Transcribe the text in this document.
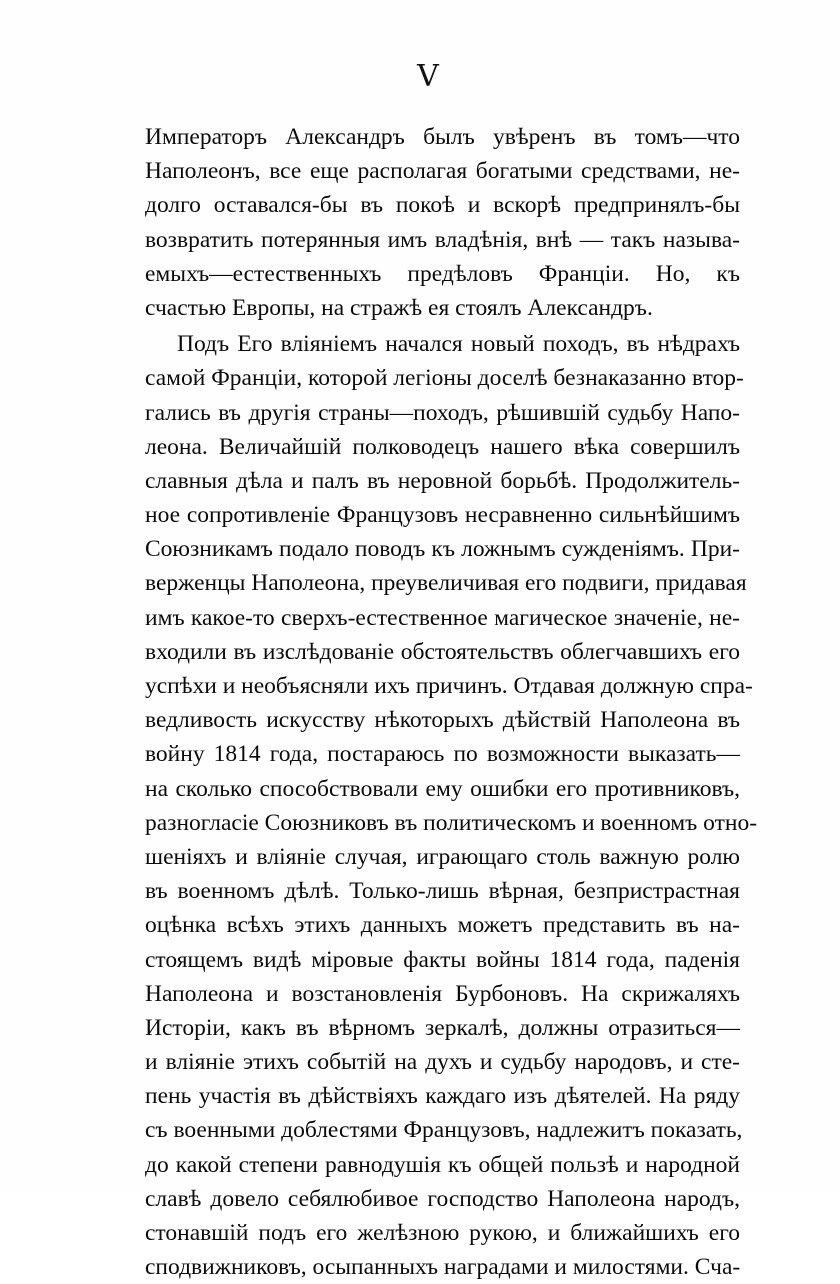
V
Императоръ Александръ былъ увѣренъ въ томъ—что
Наполеонъ, все еще располагая богатыми средствами, не-
долго оставался-бы въ покоѣ и вскорѣ предпринялъ-бы
возвратить потерянныя имъ владѣнія, внѣ — такъ называ-
емыхъ—естественныхъ предѣловъ Франціи. Но, къ
счастью Европы, на стражѣ ея стоялъ Александръ.
Подъ Его вліяніемъ начался новый походъ, въ нѣдрахъ
самой Франціи, которой легіоны доселѣ безнаказанно втор-
гались въ другія страны—походъ, рѣшившій судьбу Напо-
леона. Величайшій полководецъ нашего вѣка совершилъ
славныя дѣла и палъ въ неровной борьбѣ. Продолжитель-
ное сопротивленіе Французовъ несравненно сильнѣйшимъ
Союзникамъ подало поводъ къ ложнымъ сужденіямъ. При-
верженцы Наполеона, преувеличивая его подвиги, придавая
имъ какое-то сверхъ-естественное магическое значеніе, не-
входили въ изслѣдованіе обстоятельствъ облегчавшихъ его
успѣхи и необъясняли ихъ причинъ. Отдавая должную спра-
ведливость искусству нѣкоторыхъ дѣйствій Наполеона въ
войну 1814 года, постараюсь по возможности выказать—
на сколько способствовали ему ошибки его противниковъ,
разногласіе Союзниковъ въ политическомъ и военномъ отно-
шеніяхъ и вліяніе случая, играющаго столь важную ролю
въ военномъ дѣлѣ. Только-лишь вѣрная, безпристрастная
оцѣнка всѣхъ этихъ данныхъ можетъ представить въ на-
стоящемъ видѣ міровые факты войны 1814 года, паденія
Наполеона и возстановленія Бурбоновъ. На скрижаляхъ
Исторіи, какъ въ вѣрномъ зеркалѣ, должны отразиться—
и вліяніе этихъ событій на духъ и судьбу народовъ, и сте-
пень участія въ дѣйствіяхъ каждаго изъ дѣятелей. На ряду
съ военными доблестями Французовъ, надлежитъ показать,
до какой степени равнодушія къ общей пользѣ и народной
славѣ довело себялюбивое господство Наполеона народъ,
стонавшій подъ его желѣзною рукою, и ближайшихъ его
сподвижниковъ, осыпанныхъ наградами и милостями. Сча-
